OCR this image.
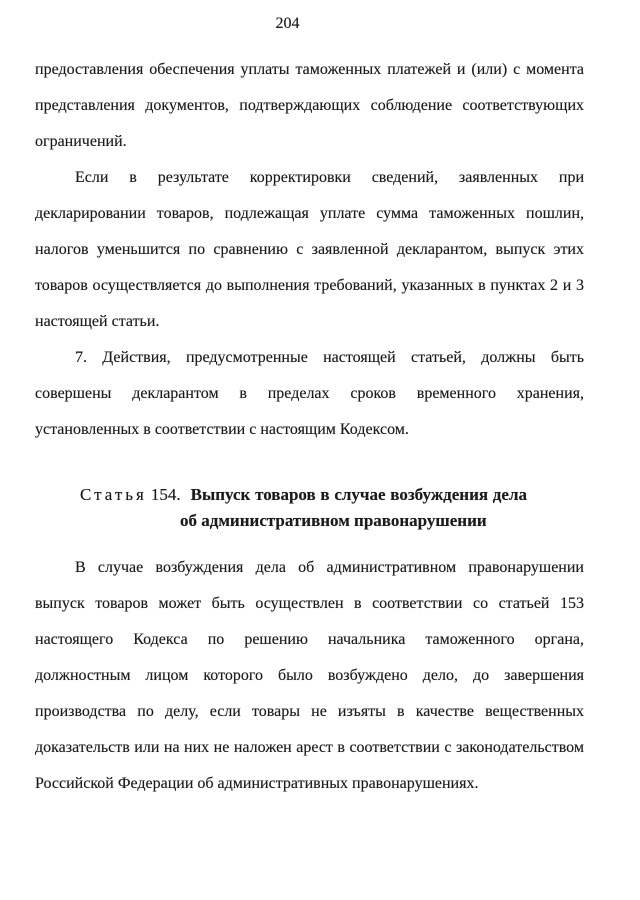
204

предоставления обеспечения уплаты таможенных платежей и (или) с момента представления документов, подтверждающих соблюдение соответствующих ограничений.

Если в результате корректировки сведений, заявленных при декларировании товаров, подлежащая уплате сумма таможенных пошлин, налогов уменьшится по сравнению с заявленной декларантом, выпуск этих товаров осуществляется до выполнения требований, указанных в пунктах 2 и 3 настоящей статьи.

7. Действия, предусмотренные настоящей статьей, должны быть совершены декларантом в пределах сроков временного хранения, установленных в соответствии с настоящим Кодексом.

Статья 154. Выпуск товаров в случае возбуждения дела об административном правонарушении

В случае возбуждения дела об административном правонарушении выпуск товаров может быть осуществлен в соответствии со статьей 153 настоящего Кодекса по решению начальника таможенного органа, должностным лицом которого было возбуждено дело, до завершения производства по делу, если товары не изъяты в качестве вещественных доказательств или на них не наложен арест в соответствии с законодательством Российской Федерации об административных правонарушениях.
